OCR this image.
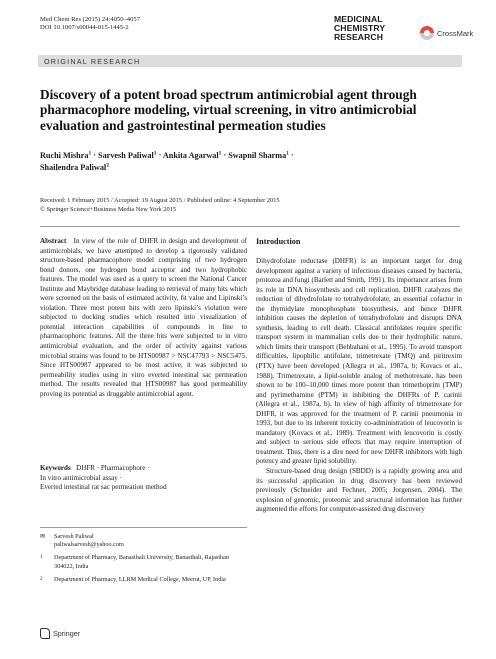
Med Chem Res (2015) 24:4050–4057
DOI 10.1007/s00044-015-1445-2
MEDICINAL
CHEMISTRY
RESEARCH	CrossMark
ORIGINAL RESEARCH
Discovery of a potent broad spectrum antimicrobial agent through pharmacophore modeling, virtual screening, in vitro antimicrobial evaluation and gastrointestinal permeation studies
Ruchi Mishra$^1$ · Sarvesh Paliwal$^1$ · Ankita Agarwal$^1$ · Swapnil Sharma$^1$ ·
Shailendra Paliwal$^2$
Received: 1 February 2015 / Accepted: 19 August 2015 / Published online: 4 September 2015
© Springer Science+Business Media New York 2015
Abstract In view of the role of DHFR in design and development of antimicrobials, we have attempted to develop a rigorously validated structure-based pharmacophore model comprising of two hydrogen bond donors, one hydrogen bond acceptor and two hydrophobic features. The model was used as a query to screen the National Cancer Institute and Maybridge database leading to retrieval of many hits which were screened on the basis of estimated activity, fit value and Lipinski’s violation. Three most potent hits with zero lipinski’s violation were subjected to docking studies which resulted into visualization of potential interaction capabilities of compounds in line to pharmacophoric features. All the three hits were subjected to in vitro antimicrobial evaluation, and the order of activity against various microbial strains was found to be HTS00987 > NSC47793 > NSC5475. Since HTS00987 appeared to be most active, it was subjected to permeability studies using in vitro everted intestinal sac permeation method. The results revealed that HTS00987 has good permeability proving its potential as druggable antimicrobial agent.
Keywords DHFR · Pharmacophore ·
In vitro antimicrobial assay ·
Everted intestinal rat sac permeation method
✉	Sarvesh Paliwal
paliwalsarvesh@yahoo.com
1	Department of Pharmacy, Banasthali University, Banasthali, Rajasthan 304022, India
2	Department of Pharmacy, LLRM Medical College, Meerut, UP, India
Springer
Introduction

Dihydrofolate reductase (DHFR) is an important target for drug development against a variety of infectious diseases caused by bacteria, protozoa and fungi (Barlett and Smith, 1991). Its importance arises from its role in DNA biosynthesis and cell replication. DHFR catalyzes the reduction of dihydrofolate to tetrahydrofolate, an essential cofactor in the thymidylate monophosphate biosynthesis, and hence DHFR inhibition causes the depletion of tetrahydrofolate and disrupts DNA synthesis, leading to cell death. Classical antifolates require specific transport system in mammalian cells due to their hydrophilic nature, which limits their transport (Behbahani et al., 1995). To avoid transport difficulties, lipophilic antifolate, trimetrexate (TMQ) and piritrexim (PTX) have been developed (Allegra et al., 1987a, b; Kovacs et al., 1988). Trimetrexate, a lipid-soluble analog of methotrexate, has been shown to be 100–10,000 times more potent than trimethoprim (TMP) and pyrimethamine (PTM) in inhibiting the DHFRs of P. carinii (Allegra et al., 1987a, b). In view of high affinity of trimetrexate for DHFR, it was approved for the treatment of P. carinii pneumonia in 1993, but due to its inherent toxicity co-administration of leucovorin is mandatory (Kovacs et al., 1989). Treatment with leucovorin is costly and subject to serious side effects that may require interruption of treatment. Thus, there is a dire need for new DHFR inhibitors with high potency and greater lipid solubility.

Structure-based drug design (SBDD) is a rapidly growing area and its successful application in drug discovery has been reviewed previously (Schneider and Fechner, 2005; Jorgensen, 2004). The explosion of genomic, proteomic and structural information has further augmented the efforts for computer-assisted drug discovery
